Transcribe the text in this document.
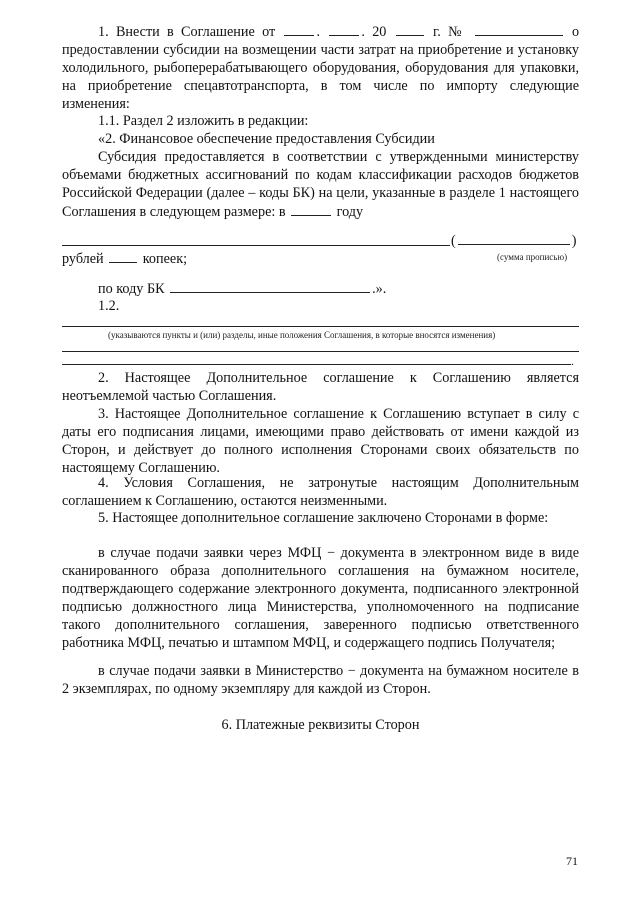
1. Внести в Соглашение от	. . 20	г. №	о предоставлении субсидии на возмещении части затрат на приобретение и установку холодильного, рыбоперерабатывающего оборудования, оборудования для упаковки, на приобретение спецавтотранспорта, в том числе по импорту следующие изменения:

1.1. Раздел 2 изложить в редакции:

«2. Финансовое обеспечение предоставления Субсидии

Субсидия предоставляется в соответствии с утвержденными министерству объемами бюджетных ассигнований по кодам классификации расходов бюджетов Российской Федерации (далее – коды БК) на цели, указанные в разделе 1 настоящего Соглашения в следующем размере: в	году

(	)
рублей	копеек;	(сумма прописью)
по коду БК	.».
1.2.
(указываются пункты и (или) разделы, иные положения Соглашения, в которые вносятся изменения)
.

2. Настоящее Дополнительное соглашение к Соглашению является неотъемлемой частью Соглашения.

3. Настоящее Дополнительное соглашение к Соглашению вступает в силу с даты его подписания лицами, имеющими право действовать от имени каждой из Сторон, и действует до полного исполнения Сторонами своих обязательств по настоящему Соглашению.

4. Условия Соглашения, не затронутые настоящим Дополнительным соглашением к Соглашению, остаются неизменными.

5. Настоящее дополнительное соглашение заключено Сторонами в форме:

в случае подачи заявки через МФЦ − документа в электронном виде в виде сканированного образа дополнительного соглашения на бумажном носителе, подтверждающего содержание электронного документа, подписанного электронной подписью должностного лица Министерства, уполномоченного на подписание такого дополнительного соглашения, заверенного подписью ответственного работника МФЦ, печатью и штампом МФЦ, и содержащего подпись Получателя;

в случае подачи заявки в Министерство − документа на бумажном носителе в 2 экземплярах, по одному экземпляру для каждой из Сторон.

6. Платежные реквизиты Сторон
71
